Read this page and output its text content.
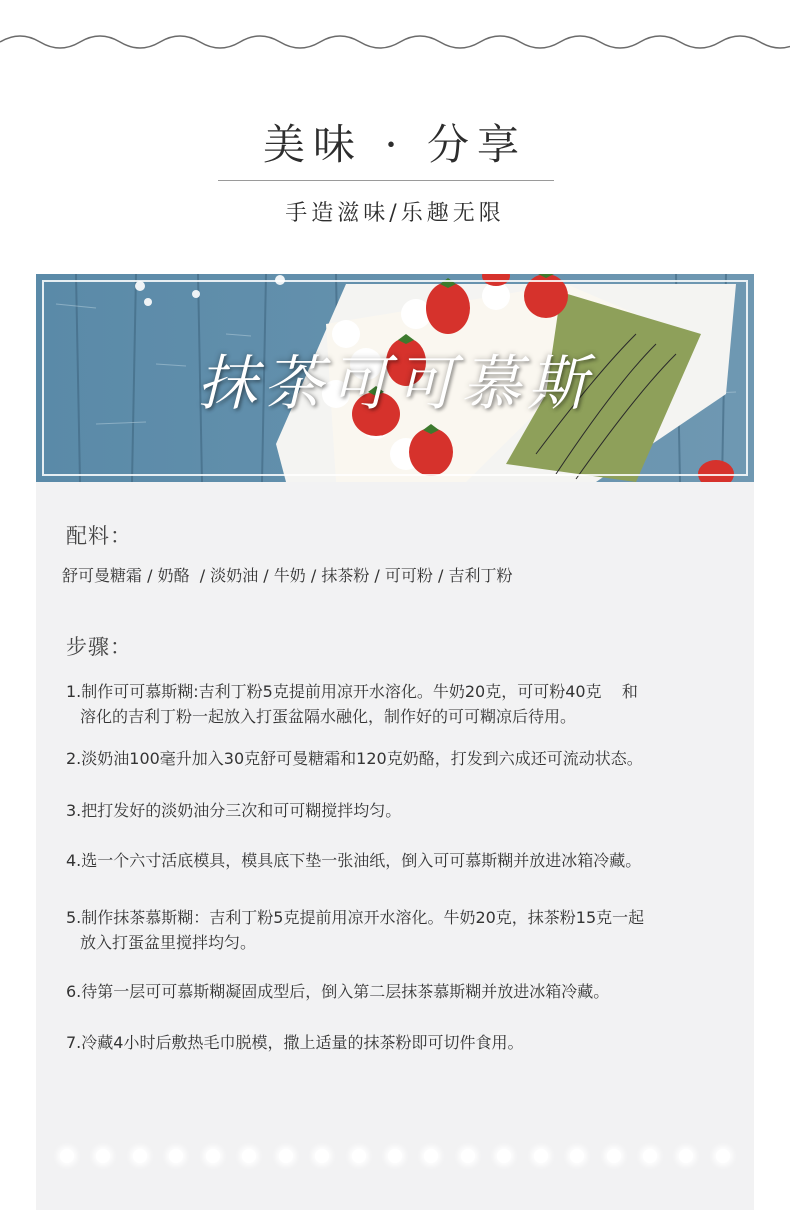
美味 · 分享
手造滋味/乐趣无限
抹茶可可慕斯
配料：
舒可曼糖霜 / 奶酪  / 淡奶油 / 牛奶 / 抹茶粉 / 可可粉 / 吉利丁粉
步骤：
1.制作可可慕斯糊:吉利丁粉5克提前用凉开水溶化。牛奶20克，可可粉40克    和
溶化的吉利丁粉一起放入打蛋盆隔水融化，制作好的可可糊凉后待用。
2.淡奶油100毫升加入30克舒可曼糖霜和120克奶酪，打发到六成还可流动状态。
3.把打发好的淡奶油分三次和可可糊搅拌均匀。
4.选一个六寸活底模具，模具底下垫一张油纸，倒入可可慕斯糊并放进冰箱冷藏。
5.制作抹茶慕斯糊：吉利丁粉5克提前用凉开水溶化。牛奶20克，抹茶粉15克一起
放入打蛋盆里搅拌均匀。
6.待第一层可可慕斯糊凝固成型后，倒入第二层抹茶慕斯糊并放进冰箱冷藏。
7.冷藏4小时后敷热毛巾脱模，撒上适量的抹茶粉即可切件食用。
